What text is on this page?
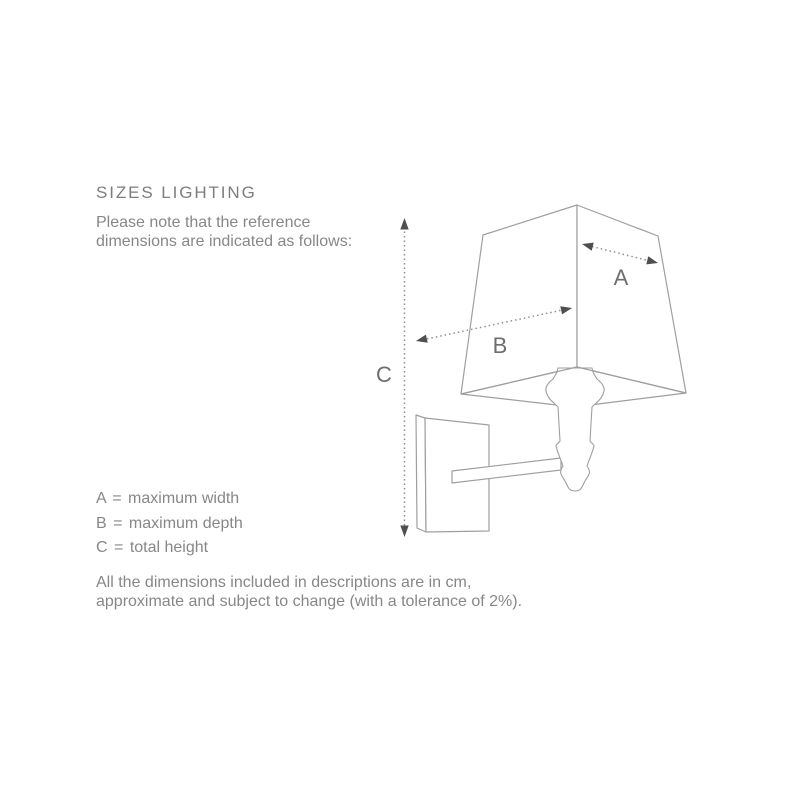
SIZES LIGHTING

Please note that the reference
dimensions are indicated as follows:

A = maximum width
B = maximum depth
C = total height

All the dimensions included in descriptions are in cm,
approximate and subject to change (with a tolerance of 2%).

A
B
C
